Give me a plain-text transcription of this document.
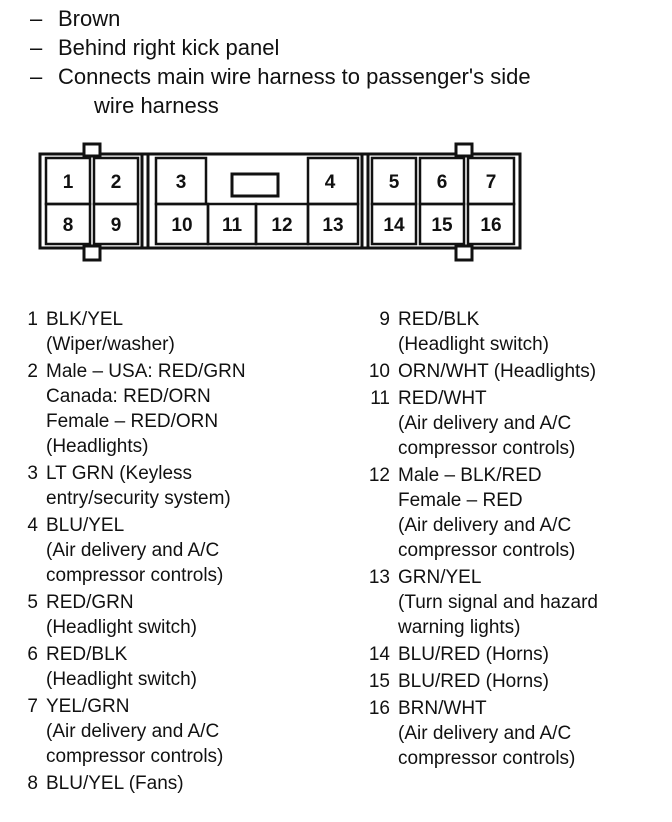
– Brown
– Behind right kick panel
– Connects main wire harness to passenger's side
wire harness
1 2	3	4	5 6 7
8 9	10 11 12 13 14 15 16
1 BLK/YEL
(Wiper/washer)
2 Male – USA: RED/GRN
Canada: RED/ORN
Female – RED/ORN
(Headlights)
3 LT GRN (Keyless
entry/security system)
4 BLU/YEL
(Air delivery and A/C
compressor controls)
5 RED/GRN
(Headlight switch)
6 RED/BLK
(Headlight switch)
7 YEL/GRN
(Air delivery and A/C
compressor controls)
8 BLU/YEL (Fans)
9 RED/BLK
(Headlight switch)
10 ORN/WHT (Headlights)
11 RED/WHT
(Air delivery and A/C
compressor controls)
12 Male – BLK/RED
Female – RED
(Air delivery and A/C
compressor controls)
13 GRN/YEL
(Turn signal and hazard
warning lights)
14 BLU/RED (Horns)
15 BLU/RED (Horns)
16 BRN/WHT
(Air delivery and A/C
compressor controls)
